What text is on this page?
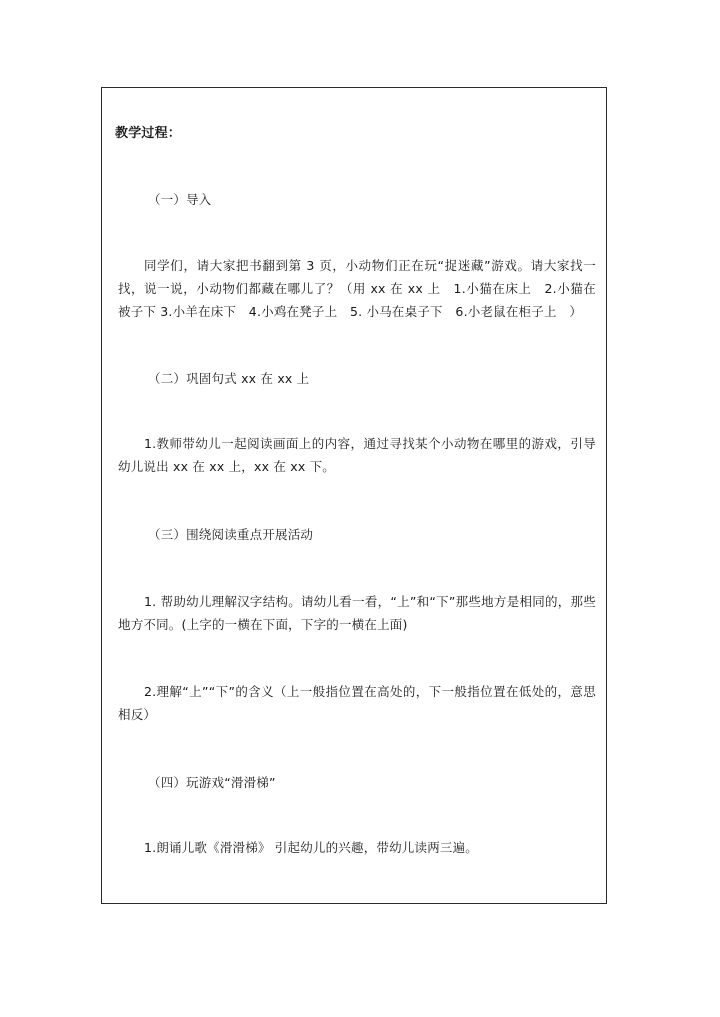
教学过程：
（一）导入
同学们，请大家把书翻到第 3 页，小动物们正在玩“捉迷藏”游戏。请大家找一找，说一说，小动物们都藏在哪儿了？（用 xx 在 xx 上　1.小猫在床上　2.小猫在被子下 3.小羊在床下　4.小鸡在凳子上　5. 小马在桌子下　6.小老鼠在柜子上　）
（二）巩固句式 xx 在 xx 上
1.教师带幼儿一起阅读画面上的内容，通过寻找某个小动物在哪里的游戏，引导幼儿说出 xx 在 xx 上，xx 在 xx 下。
（三）围绕阅读重点开展活动
1. 帮助幼儿理解汉字结构。请幼儿看一看，“上”和“下”那些地方是相同的，那些地方不同。(上字的一横在下面，下字的一横在上面)
2.理解“上”“下”的含义（上一般指位置在高处的，下一般指位置在低处的，意思相反）
（四）玩游戏“滑滑梯”
1.朗诵儿歌《滑滑梯》 引起幼儿的兴趣，带幼儿读两三遍。
